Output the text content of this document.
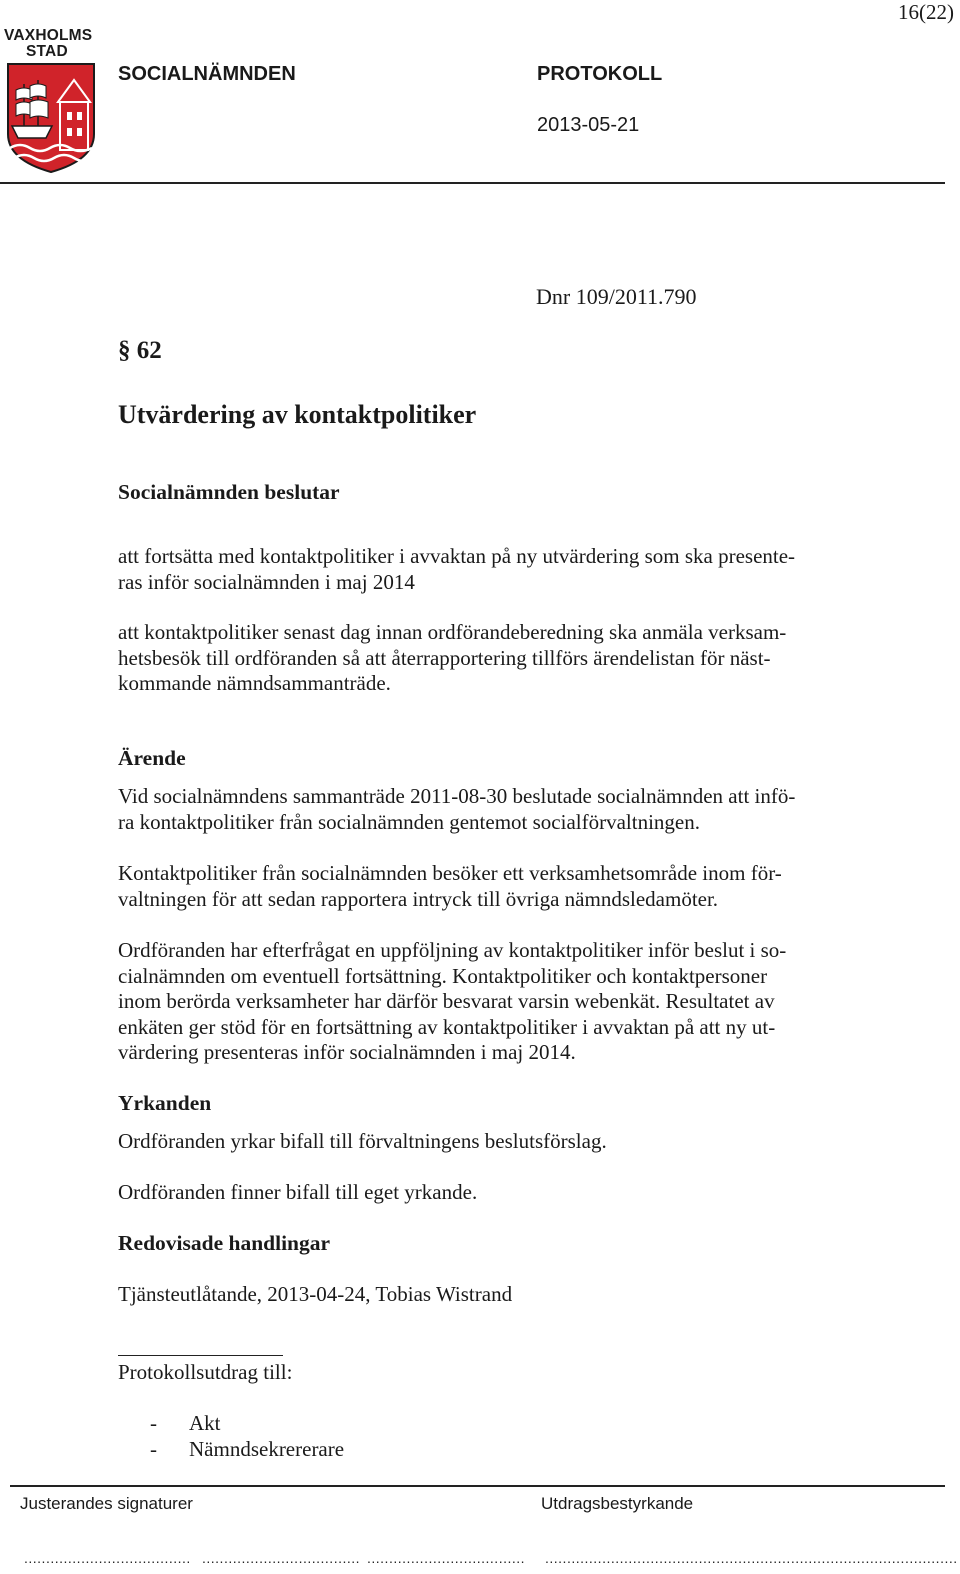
16(22)
VAXHOLMS
STAD
SOCIALNÄMNDEN	PROTOKOLL
2013-05-21
Dnr 109/2011.790
§ 62
Utvärdering av kontaktpolitiker
Socialnämnden beslutar
att fortsätta med kontaktpolitiker i avvaktan på ny utvärdering som ska presente-
ras inför socialnämnden i maj 2014
att kontaktpolitiker senast dag innan ordförandeberedning ska anmäla verksam-
hetsbesök till ordföranden så att återrapportering tillförs ärendelistan för näst-
kommande nämndsammanträde.
Ärende
Vid socialnämndens sammanträde 2011-08-30 beslutade socialnämnden att infö-
ra kontaktpolitiker från socialnämnden gentemot socialförvaltningen.
Kontaktpolitiker från socialnämnden besöker ett verksamhetsområde inom för-
valtningen för att sedan rapportera intryck till övriga nämndsledamöter.
Ordföranden har efterfrågat en uppföljning av kontaktpolitiker inför beslut i so-
cialnämnden om eventuell fortsättning. Kontaktpolitiker och kontaktpersoner
inom berörda verksamheter har därför besvarat varsin webenkät. Resultatet av
enkäten ger stöd för en fortsättning av kontaktpolitiker i avvaktan på att ny ut-
värdering presenteras inför socialnämnden i maj 2014.
Yrkanden
Ordföranden yrkar bifall till förvaltningens beslutsförslag.
Ordföranden finner bifall till eget yrkande.
Redovisade handlingar
Tjänsteutlåtande, 2013-04-24, Tobias Wistrand
Protokollsutdrag till:
-	Akt
-	Nämndsekrererare
Justerandes signaturer	Utdragsbestyrkande
...................................... .................................... .................................... ..............................................................................................
